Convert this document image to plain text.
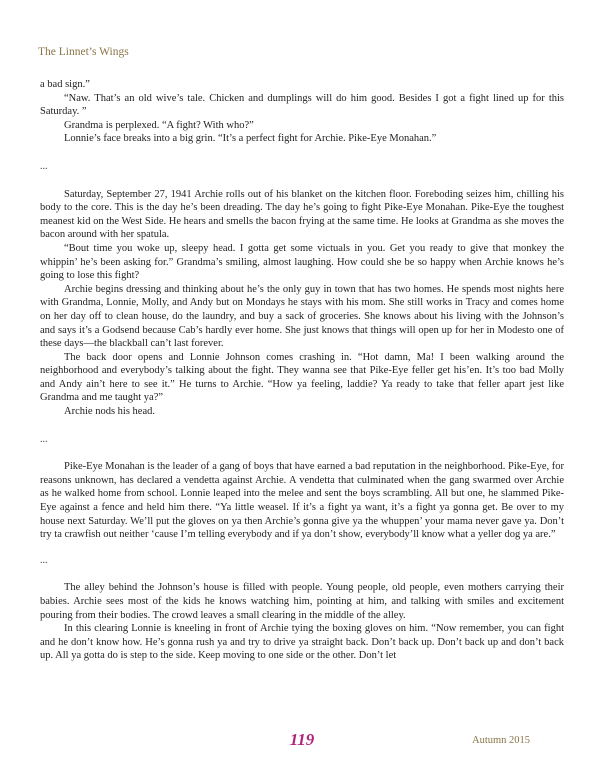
The Linnet’s Wings

a bad sign.”

“Naw. That’s an old wive’s tale. Chicken and dumplings will do him good. Besides I got a fight lined up for this Saturday. ”

Grandma is perplexed. “A fight? With who?”

Lonnie’s face breaks into a big grin. “It’s a perfect fight for Archie. Pike-Eye Monahan.”

...

Saturday, September 27, 1941 Archie rolls out of his blanket on the kitchen floor. Foreboding seizes him, chilling his body to the core. This is the day he’s been dreading. The day he’s going to fight Pike-Eye Monahan. Pike-Eye the toughest meanest kid on the West Side. He hears and smells the bacon frying at the same time. He looks at Grandma as she moves the bacon around with her spatula.

“Bout time you woke up, sleepy head. I gotta get some victuals in you. Get you ready to give that monkey the whippin’ he’s been asking for.” Grandma’s smiling, almost laughing. How could she be so happy when Archie knows he’s going to lose this fight?

Archie begins dressing and thinking about he’s the only guy in town that has two homes. He spends most nights here with Grandma, Lonnie, Molly, and Andy but on Mondays he stays with his mom. She still works in Tracy and comes home on her day off to clean house, do the laundry, and buy a sack of groceries. She knows about his living with the Johnson’s and says it’s a Godsend because Cab’s hardly ever home. She just knows that things will open up for her in Modesto one of these days—the blackball can’t last forever.

The back door opens and Lonnie Johnson comes crashing in. “Hot damn, Ma! I been walking around the neighborhood and everybody’s talking about the fight. They wanna see that Pike-Eye feller get his’en. It’s too bad Molly and Andy ain’t here to see it.” He turns to Archie. “How ya feeling, laddie? Ya ready to take that feller apart jest like Grandma and me taught ya?”

Archie nods his head.

...

Pike-Eye Monahan is the leader of a gang of boys that have earned a bad reputation in the neighborhood. Pike-Eye, for reasons unknown, has declared a vendetta against Archie. A vendetta that culminated when the gang swarmed over Archie as he walked home from school. Lonnie leaped into the melee and sent the boys scrambling. All but one, he slammed Pike-Eye against a fence and held him there. “Ya little weasel. If it’s a fight ya want, it’s a fight ya gonna get. Be over to my house next Saturday. We’ll put the gloves on ya then Archie’s gonna give ya the whuppen’ your mama never gave ya. Don’t try ta crawfish out neither ‘cause I’m telling everybody and if ya don’t show, everybody’ll know what a yeller dog ya are.”

...

The alley behind the Johnson’s house is filled with people. Young people, old people, even mothers carrying their babies. Archie sees most of the kids he knows watching him, pointing at him, and talking with smiles and excitement pouring from their bodies. The crowd leaves a small clearing in the middle of the alley.

In this clearing Lonnie is kneeling in front of Archie tying the boxing gloves on him. “Now remember, you can fight and he don’t know how. He’s gonna rush ya and try to drive ya straight back. Don’t back up. Don’t back up and don’t back up. All ya gotta do is step to the side. Keep moving to one side or the other. Don’t let

119	Autumn 2015
